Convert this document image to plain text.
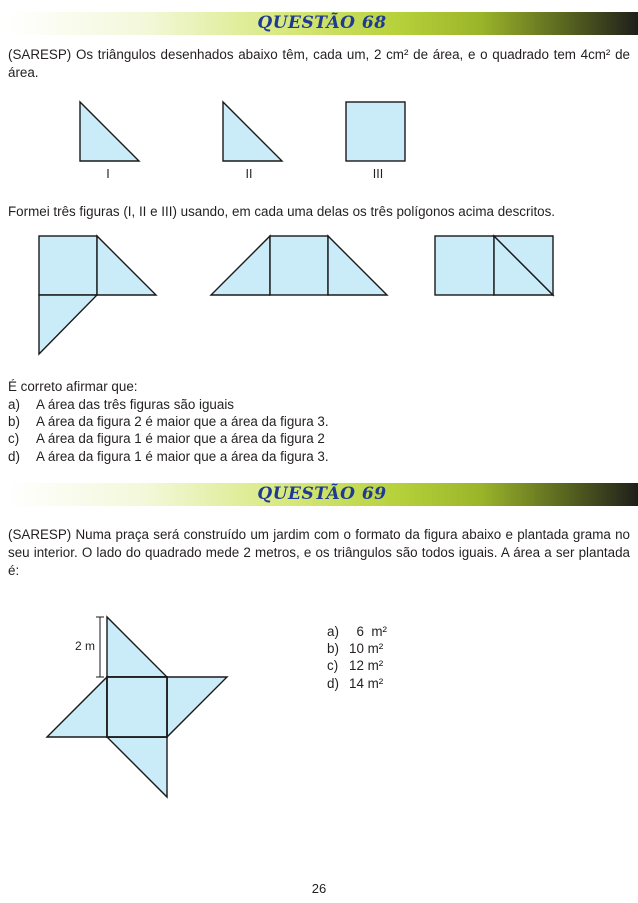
QUESTÃO 68
(SARESP) Os triângulos desenhados abaixo têm, cada um, 2 cm² de área, e o quadrado tem 4cm² de área.
I	II	III
Formei três figuras (I, II e III) usando, em cada uma delas os três polígonos acima descritos.
É correto afirmar que:
a) A área das três figuras são iguais
b) A área da figura 2 é maior que a área da figura 3.
c) A área da figura 1 é maior que a área da figura 2
d) A área da figura 1 é maior que a área da figura 3.
QUESTÃO 69
(SARESP) Numa praça será construído um jardim com o formato da figura abaixo e plantada grama no seu interior. O lado do quadrado mede 2 metros, e os triângulos são todos iguais. A área a ser plantada é:
2 m
a)  6  m²
b) 10 m²
c) 12 m²
d) 14 m²
26
